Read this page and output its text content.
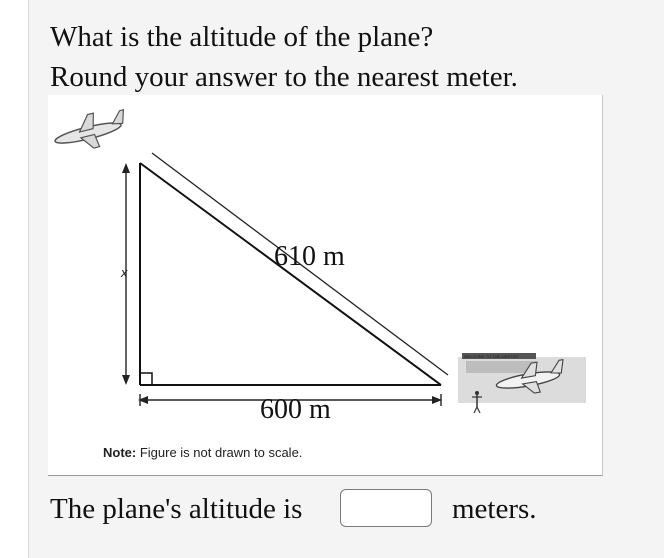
What is the altitude of the plane?
Round your answer to the nearest meter.
610 m
600 m
x
WELCOME TO THE AIRPORT
Note: Figure is not drawn to scale.
The plane's altitude is	meters.
